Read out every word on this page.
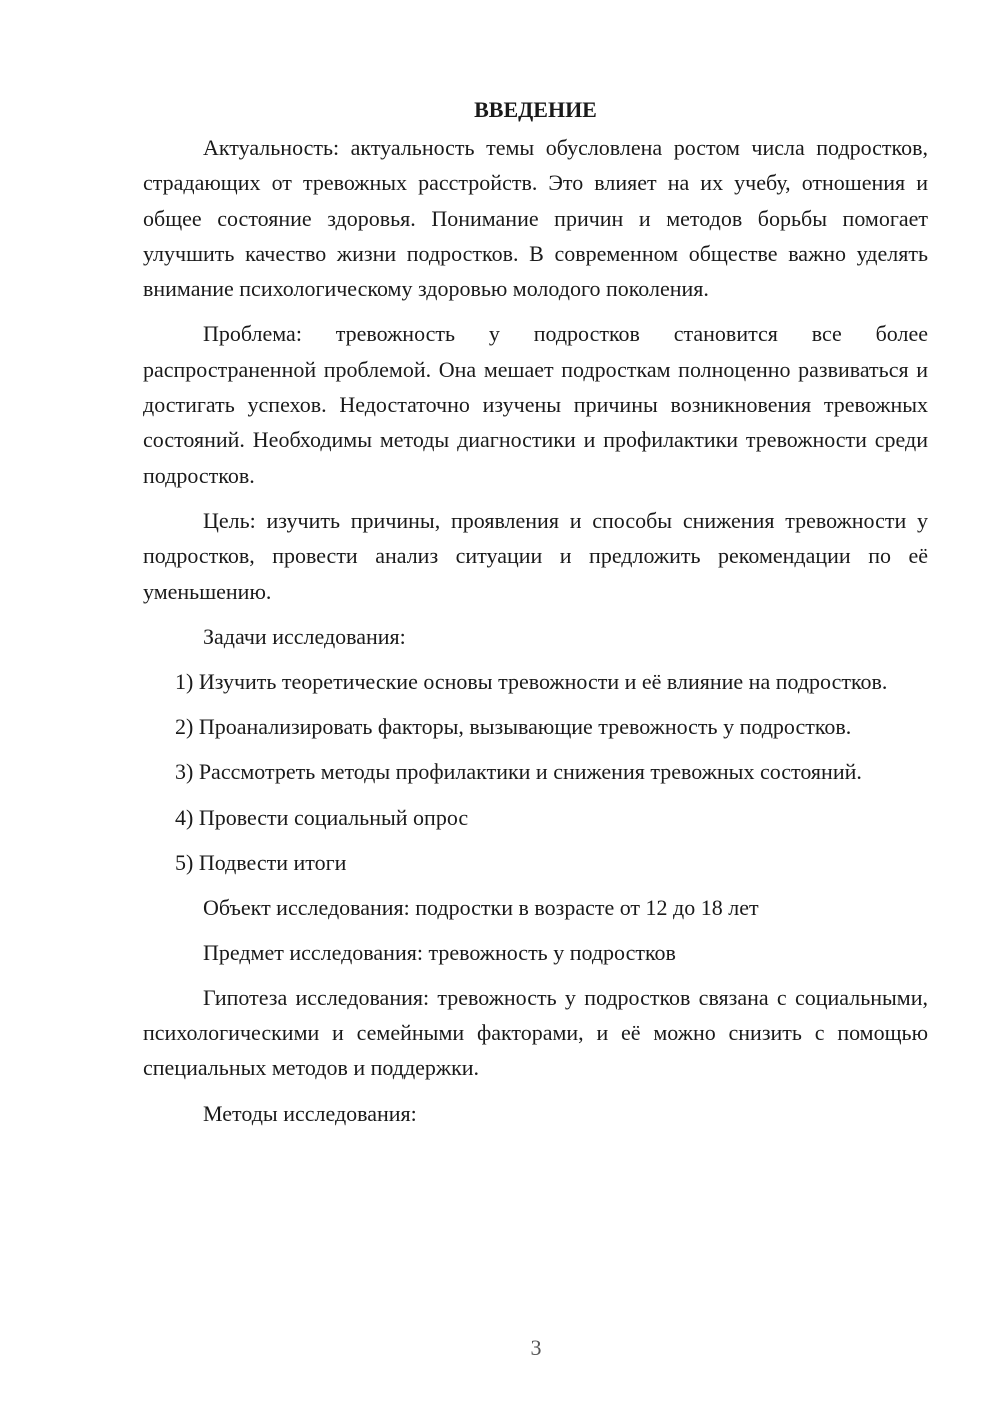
ВВЕДЕНИЕ

Актуальность: актуальность темы обусловлена ростом числа подростков, страдающих от тревожных расстройств. Это влияет на их учебу, отношения и общее состояние здоровья. Понимание причин и методов борьбы помогает улучшить качество жизни подростков. В современном обществе важно уделять внимание психологическому здоровью молодого поколения.

Проблема: тревожность у подростков становится все более распространенной проблемой. Она мешает подросткам полноценно развиваться и достигать успехов. Недостаточно изучены причины возникновения тревожных состояний. Необходимы методы диагностики и профилактики тревожности среди подростков.

Цель: изучить причины, проявления и способы снижения тревожности у подростков, провести анализ ситуации и предложить рекомендации по её уменьшению.

Задачи исследования:

1) Изучить теоретические основы тревожности и её влияние на подростков.

2) Проанализировать факторы, вызывающие тревожность у подростков.

3) Рассмотреть методы профилактики и снижения тревожных состояний.

4) Провести социальный опрос

5) Подвести итоги

Объект исследования: подростки в возрасте от 12 до 18 лет

Предмет исследования: тревожность у подростков

Гипотеза исследования: тревожность у подростков связана с социальными, психологическими и семейными факторами, и её можно снизить с помощью специальных методов и поддержки.

Методы исследования:

3
